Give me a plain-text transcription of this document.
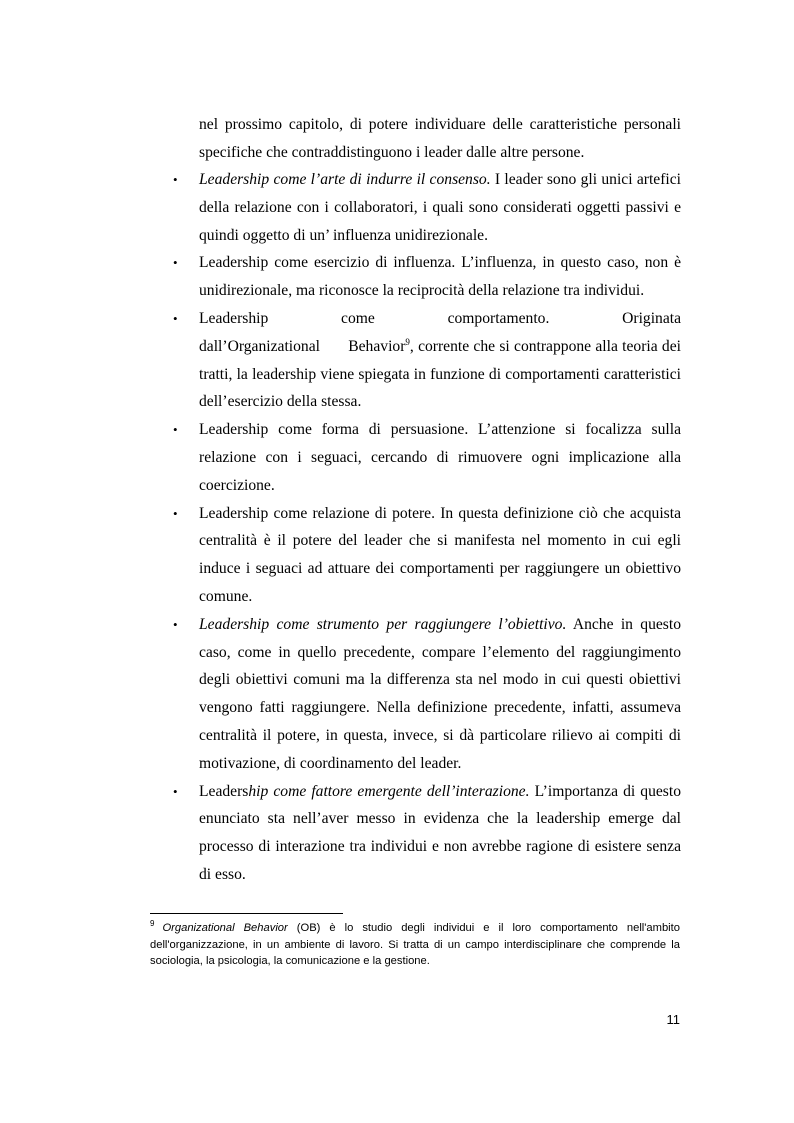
nel prossimo capitolo, di potere individuare delle caratteristiche personali specifiche che contraddistinguono i leader dalle altre persone.

• Leadership come l’arte di indurre il consenso. I leader sono gli unici artefici della relazione con i collaboratori, i quali sono considerati oggetti passivi e quindi oggetto di un’ influenza unidirezionale.
• Leadership come esercizio di influenza. L’influenza, in questo caso, non è unidirezionale, ma riconosce la reciprocità della relazione tra individui.
• Leadership come comportamento. Originata dall’Organizational Behavior$^9$, corrente che si contrappone alla teoria dei tratti, la leadership viene spiegata in funzione di comportamenti caratteristici dell’esercizio della stessa.
• Leadership come forma di persuasione. L’attenzione si focalizza sulla relazione con i seguaci, cercando di rimuovere ogni implicazione alla coercizione.
• Leadership come relazione di potere. In questa definizione ciò che acquista centralità è il potere del leader che si manifesta nel momento in cui egli induce i seguaci ad attuare dei comportamenti per raggiungere un obiettivo comune.
• Leadership come strumento per raggiungere l’obiettivo. Anche in questo caso, come in quello precedente, compare l’elemento del raggiungimento degli obiettivi comuni ma la differenza sta nel modo in cui questi obiettivi vengono fatti raggiungere. Nella definizione precedente, infatti, assumeva centralità il potere, in questa, invece, si dà particolare rilievo ai compiti di motivazione, di coordinamento del leader.
• Leadership come fattore emergente dell’interazione. L’importanza di questo enunciato sta nell’aver messo in evidenza che la leadership emerge dal processo di interazione tra individui e non avrebbe ragione di esistere senza di esso.

$^9$ Organizational Behavior (OB) è lo studio degli individui e il loro comportamento nell'ambito dell'organizzazione, in un ambiente di lavoro. Si tratta di un campo interdisciplinare che comprende la sociologia, la psicologia, la comunicazione e la gestione.

11
